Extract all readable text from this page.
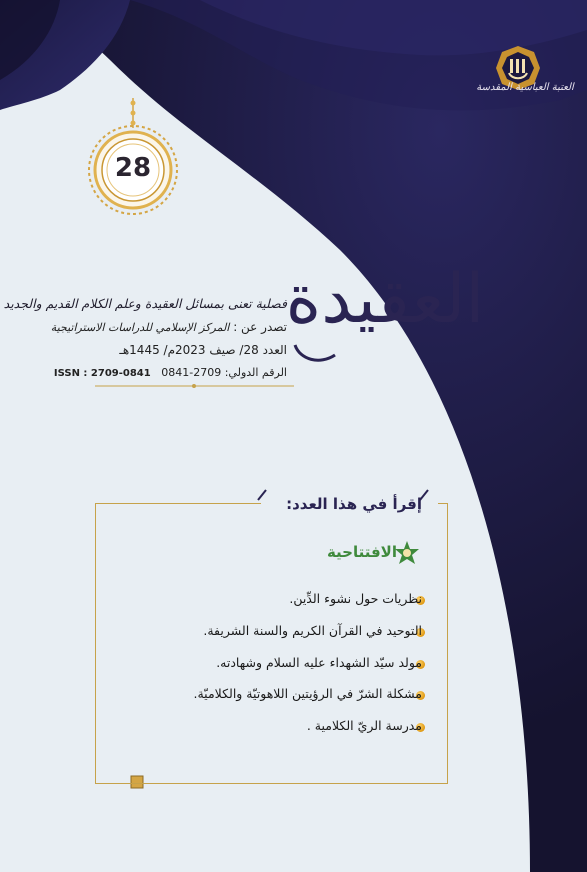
28
العتبة العباسية المقدسة
العقيدة
فصلية تعنى بمسائل العقيدة وعلم الكلام القديم والجديد
تصدر عن : المركز الإسلامي للدراسات الاستراتيجية
العدد 28/ صيف 2023م/ 1445هـ
الرقم الدولي: 2709-0841   ISSN : 2709-0841
إقرأ في هذا العدد:
الافتتاحية
نظريات حول نشوء الدِّين.
التوحيد في القرآن الكريم والسنة الشريفة.
مولد سيّد الشهداء عليه السلام وشهادته.
مشكلة الشرّ في الرؤيتين اللاهوتيّة والكلاميّة.
مدرسة الريّ الكلامية .
